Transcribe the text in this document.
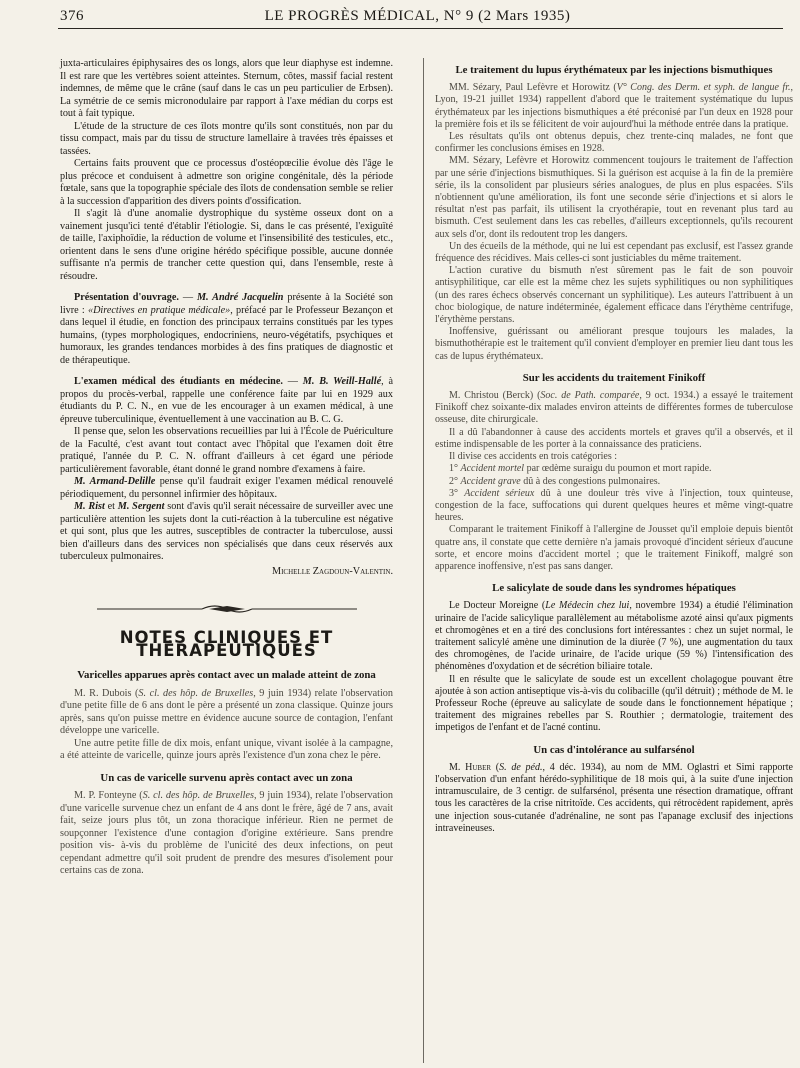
376	LE PROGRÈS MÉDICAL, N° 9 (2 Mars 1935)

juxta-articulaires épiphysaires des os longs, alors que leur diaphyse est indemne. Il est rare que les vertèbres soient atteintes. Sternum, côtes, massif facial restent indemnes, de même que le crâne (sauf dans le cas un peu particulier de Erbsen). La symétrie de ce semis micronodulaire par rapport à l'axe médian du corps est tout à fait typique.

L'étude de la structure de ces îlots montre qu'ils sont constitués, non par du tissu compact, mais par du tissu de structure lamellaire à travées très épaisses et tassées.

Certains faits prouvent que ce processus d'ostéopœcilie évolue dès l'âge le plus précoce et conduisent à admettre son origine congénitale, dès la période fœtale, sans que la topographie spéciale des îlots de condensation semble se relier à la succession d'apparition des divers points d'ossification.

Il s'agit là d'une anomalie dystrophique du système osseux dont on a vainement jusqu'ici tenté d'établir l'étiologie. Si, dans le cas présenté, l'exiguïté de taille, l'axiphoïdie, la réduction de volume et l'insensibilité des testicules, etc., orientent dans le sens d'une origine hérédo spécifique possible, aucune donnée suffisante n'a permis de trancher cette question qui, dans l'ensemble, reste à résoudre.

Présentation d'ouvrage. — M. André Jacquelin présente à la Société son livre : «Directives en pratique médicale», préfacé par le Professeur Bezançon et dans lequel il étudie, en fonction des principaux terrains constitués par les types humains, (types morphologiques, endocriniens, neuro-végétatifs, psychiques et humoraux, les grandes tendances morbides à des fins pratiques de diagnostic et de thérapeutique.

L'examen médical des étudiants en médecine. — M. B. Weill-Hallé, à propos du procès-verbal, rappelle une conférence faite par lui en 1929 aux étudiants du P. C. N., en vue de les encourager à un examen médical, à une épreuve tuberculinique, éventuellement à une vaccination au B. C. G.

Il pense que, selon les observations recueillies par lui à l'École de Puériculture de la Faculté, c'est avant tout contact avec l'hôpital que l'examen doit être pratiqué, l'année du P. C. N. offrant d'ailleurs à cet égard une période particulièrement favorable, étant donné le grand nombre d'examens à faire.

M. Armand-Delille pense qu'il faudrait exiger l'examen médical renouvelé périodiquement, du personnel infirmier des hôpitaux.

M. Rist et M. Sergent sont d'avis qu'il serait nécessaire de surveiller avec une particulière attention les sujets dont la cuti-réaction à la tuberculine est négative et qui sont, plus que les autres, susceptibles de contracter la tuberculose, aussi bien d'ailleurs dans des services non spécialisés que dans ceux réservés aux tuberculeux pulmonaires.

Michelle Zagdoun-Valentin.

NOTES CLINIQUES ET THÉRAPEUTIQUES
Varicelles apparues après contact avec un malade atteint de zona

M. R. Dubois (S. cl. des hôp. de Bruxelles, 9 juin 1934) relate l'observation d'une petite fille de 6 ans dont le père a présenté un zona classique. Quinze jours après, sans qu'on puisse mettre en évidence aucune source de contagion, l'enfant développe une varicelle.

Une autre petite fille de dix mois, enfant unique, vivant isolée à la campagne, a été atteinte de varicelle, quinze jours après l'existence d'un zona chez le père.

Un cas de varicelle survenu après contact avec un zona

M. P. Fonteyne (S. cl. des hôp. de Bruxelles, 9 juin 1934), relate l'observation d'une varicelle survenue chez un enfant de 4 ans dont le frère, âgé de 7 ans, avait fait, seize jours plus tôt, un zona thoracique inférieur. Rien ne permet de soupçonner l'existence d'une contagion d'origine extérieure. Sans prendre position vis- à-vis du problème de l'unicité des deux infections, on peut cependant admettre qu'il soit prudent de prendre des mesures d'isolement pour certains cas de zona.

Le traitement du lupus érythémateux par les injections bismuthiques

MM. Sézary, Paul Lefèvre et Horowitz (V° Cong. des Derm. et syph. de langue fr., Lyon, 19-21 juillet 1934) rappellent d'abord que le traitement systématique du lupus érythémateux par les injections bismuthiques a été préconisé par l'un deux en 1928 pour la première fois et ils se félicitent de voir aujourd'hui la méthode entrée dans la pratique.

Les résultats qu'ils ont obtenus depuis, chez trente-cinq malades, ne font que confirmer les conclusions émises en 1928.

MM. Sézary, Lefèvre et Horowitz commencent toujours le traitement de l'affection par une série d'injections bismuthiques. Si la guérison est acquise à la fin de la première série, ils la consolident par plusieurs séries analogues, de plus en plus espacées. S'ils n'obtiennent qu'une amélioration, ils font une seconde série d'injections et si alors le résultat n'est pas parfait, ils utilisent la cryothérapie, tout en revenant plus tard au bismuth. C'est seulement dans les cas rebelles, d'ailleurs exceptionnels, qu'ils recourent aux sels d'or, dont ils redoutent trop les dangers.

Un des écueils de la méthode, qui ne lui est cependant pas exclusif, est l'assez grande fréquence des récidives. Mais celles-ci sont justiciables du même traitement.

L'action curative du bismuth n'est sûrement pas le fait de son pouvoir antisyphilitique, car elle est la même chez les sujets syphilitiques ou non syphilitiques (un des rares échecs observés concernant un syphilitique). Les auteurs l'attribuent à un choc biologique, de nature indéterminée, également efficace dans l'érythème centrifuge, l'érythème perstans.

Inoffensive, guérissant ou améliorant presque toujours les malades, la bismuthothérapie est le traitement qu'il convient d'employer en premier lieu dant tous les cas de lupus érythémateux.

Sur les accidents du traitement Finikoff

M. Christou (Berck) (Soc. de Path. comparée, 9 oct. 1934.) a essayé le traitement Finikoff chez soixante-dix malades environ atteints de différentes formes de tuberculose osseuse, dite chirurgicale.

Il a dû l'abandonner à cause des accidents mortels et graves qu'il a observés, et il estime indispensable de les porter à la connaissance des praticiens.

Il divise ces accidents en trois catégories :

1° Accident mortel par œdème suraigu du poumon et mort rapide.

2° Accident grave dû à des congestions pulmonaires.

3° Accident sérieux dû à une douleur très vive à l'injection, toux quinteuse, congestion de la face, suffocations qui durent quelques heures et même vingt-quatre heures.

Comparant le traitement Finikoff à l'allergine de Jousset qu'il emploie depuis bientôt quatre ans, il constate que cette dernière n'a jamais provoqué d'incident sérieux d'aucune sorte, et encore moins d'accident mortel ; que le traitement Finikoff, malgré son apparence inoffensive, n'est pas sans danger.

Le salicylate de soude dans les syndromes hépatiques

Le Docteur Moreigne (Le Médecin chez lui, novembre 1934) a étudié l'élimination urinaire de l'acide salicylique parallèlement au métabolisme azoté ainsi qu'aux pigments et chromogènes et en a tiré des conclusions fort intéressantes : chez un sujet normal, le traitement salicylé amène une diminution de la diurèe (7 %), une augmentation du taux des chromogènes, de l'acide urinaire, de l'acide urique (59 %) l'intensification des phénomènes d'oxydation et de sécrétion biliaire totale.

Il en résulte que le salicylate de soude est un excellent cholagogue pouvant être ajoutée à son action antiseptique vis-à-vis du colibacille (qu'il détruit) ; méthode de M. le Professeur Roche (épreuve au salicylate de soude dans le fonctionnement hépatique ; traitement des migraines rebelles par S. Routhier ; dermatologie, traitement des impetigos de l'enfant et de l'acné continu.

Un cas d'intolérance au sulfarsénol

M. Huber (S. de péd., 4 déc. 1934), au nom de MM. Oglastri et Simi rapporte l'observation d'un enfant hérédo-syphilitique de 18 mois qui, à la suite d'une injection intramusculaire, de 3 centigr. de sulfarsénol, présenta une résection dramatique, offrant tous les caractères de la crise nitritoïde. Ces accidents, qui rétrocèdent rapidement, après une injection sous-cutanée d'adrénaline, ne sont pas l'apanage exclusif des injections intraveineuses.
